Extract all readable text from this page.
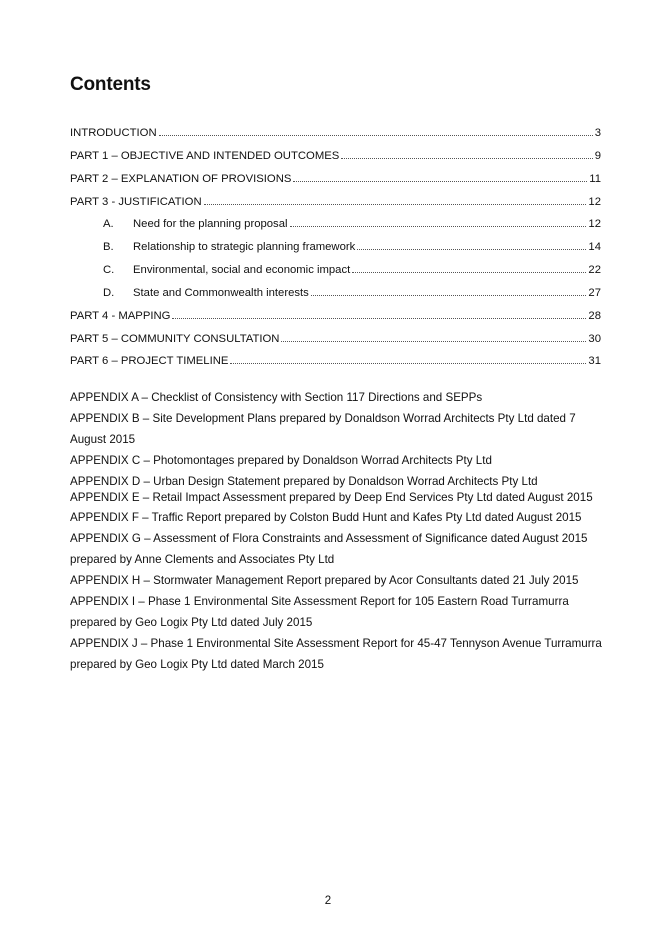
Contents
INTRODUCTION	3
PART 1 – OBJECTIVE AND INTENDED OUTCOMES	9
PART 2 – EXPLANATION OF PROVISIONS	11
PART 3 - JUSTIFICATION	12
A.	Need for the planning proposal	12
B.	Relationship to strategic planning framework	14
C.	Environmental, social and economic impact	22
D.	State and Commonwealth interests	27
PART 4 - MAPPING	28
PART 5 – COMMUNITY CONSULTATION	30
PART 6 – PROJECT TIMELINE	31
APPENDIX A – Checklist of Consistency with Section 117 Directions and SEPPs
APPENDIX B – Site Development Plans prepared by Donaldson Worrad Architects Pty Ltd dated 7 August 2015
APPENDIX C – Photomontages prepared by Donaldson Worrad Architects Pty Ltd
APPENDIX D – Urban Design Statement prepared by Donaldson Worrad Architects Pty Ltd
APPENDIX E – Retail Impact Assessment prepared by Deep End Services Pty Ltd dated August 2015
APPENDIX F – Traffic Report prepared by Colston Budd Hunt and Kafes Pty Ltd dated August 2015
APPENDIX G – Assessment of Flora Constraints and Assessment of Significance dated August 2015 prepared by Anne Clements and Associates Pty Ltd
APPENDIX H – Stormwater Management Report prepared by Acor Consultants dated 21 July 2015
APPENDIX I – Phase 1 Environmental Site Assessment Report for 105 Eastern Road Turramurra prepared by Geo Logix Pty Ltd dated July 2015
APPENDIX J – Phase 1 Environmental Site Assessment Report for 45-47 Tennyson Avenue Turramurra prepared by Geo Logix Pty Ltd dated March 2015
2
